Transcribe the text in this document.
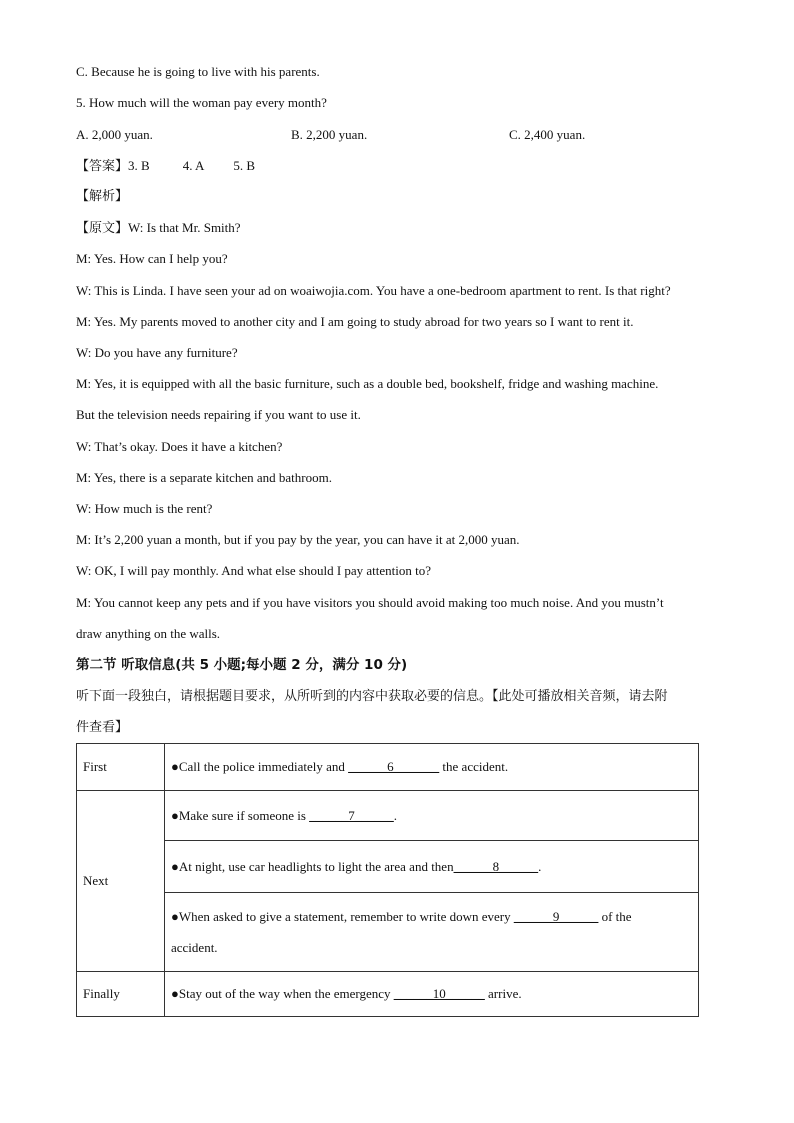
C. Because he is going to live with his parents.
5. How much will the woman pay every month?
A. 2,000 yuan.	B. 2,200 yuan.	C. 2,400 yuan.
【答案】3. B	4. A 5. B
【解析】
【原文】W: Is that Mr. Smith?
M: Yes. How can I help you?
W: This is Linda. I have seen your ad on woaiwojia.com. You have a one-bedroom apartment to rent. Is that right?
M: Yes. My parents moved to another city and I am going to study abroad for two years so I want to rent it.
W: Do you have any furniture?
M: Yes, it is equipped with all the basic furniture, such as a double bed, bookshelf, fridge and washing machine.
But the television needs repairing if you want to use it.
W: That’s okay. Does it have a kitchen?
M: Yes, there is a separate kitchen and bathroom.
W: How much is the rent?
M: It’s 2,200 yuan a month, but if you pay by the year, you can have it at 2,000 yuan.
W: OK, I will pay monthly. And what else should I pay attention to?
M: You cannot keep any pets and if you have visitors you should avoid making too much noise. And you mustn’t
draw anything on the walls.
第二节 听取信息(共 5 小题;每小题 2 分，满分 10 分)
听下面一段独白，请根据题目要求，从所听到的内容中获取必要的信息。【此处可播放相关音频，请去附
件查看】
First	●Call the police immediately and ______6_______ the accident.
Next	●Make sure if someone is ______7______.
	●At night, use car headlights to light the area and then______8______.
	●When asked to give a statement, remember to write down every ______9______ of the
accident.
Finally	●Stay out of the way when the emergency ______10______ arrive.
